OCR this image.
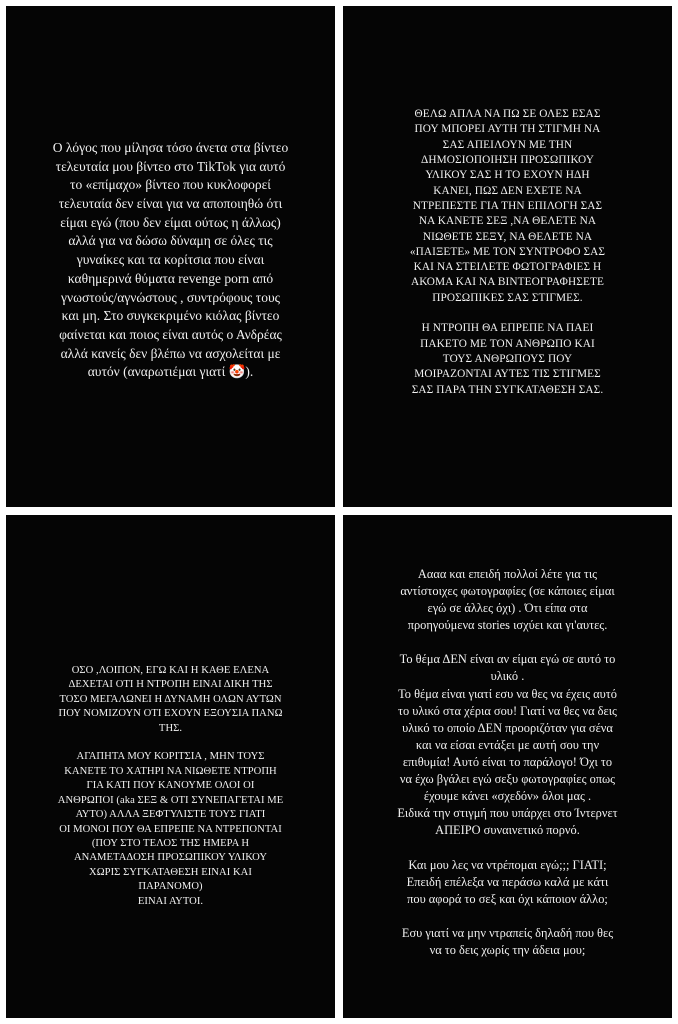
Ο λόγος που μίλησα τόσο άνετα στα βίντεο
τελευταία μου βίντεο στο TikTok για αυτό
το «επίμαχο» βίντεο που κυκλοφορεί
τελευταία δεν είναι για να αποποιηθώ ότι
είμαι εγώ (που δεν είμαι ούτως η άλλως)
αλλά για να δώσω δύναμη σε όλες τις
γυναίκες και τα κορίτσια που είναι
καθημερινά θύματα revenge porn από
γνωστούς/αγνώστους , συντρόφους τους
και μη. Στο συγκεκριμένο κιόλας βίντεο
φαίνεται και ποιος είναι αυτός ο Ανδρέας
αλλά κανείς δεν βλέπω να ασχολείται με
αυτόν (αναρωτιέμαι γιατί 🤡).

ΘΕΛΩ ΑΠΛΑ ΝΑ ΠΩ ΣΕ ΟΛΕΣ ΕΣΑΣ
ΠΟΥ ΜΠΟΡΕΙ ΑΥΤΗ ΤΗ ΣΤΙΓΜΗ ΝΑ
ΣΑΣ ΑΠΕΙΛΟΥΝ ΜΕ ΤΗΝ
ΔΗΜΟΣΙΟΠΟΙΗΣΗ ΠΡΟΣΩΠΙΚΟΥ
ΥΛΙΚΟΥ ΣΑΣ Η ΤΟ ΕΧΟΥΝ ΗΔΗ
ΚΑΝΕΙ, ΠΩΣ ΔΕΝ ΕΧΕΤΕ ΝΑ
ΝΤΡΕΠΕΣΤΕ ΓΙΑ ΤΗΝ ΕΠΙΛΟΓΗ ΣΑΣ
ΝΑ ΚΑΝΕΤΕ ΣΕΞ ,ΝΑ ΘΕΛΕΤΕ ΝΑ
ΝΙΩΘΕΤΕ ΣΕΞΥ, ΝΑ ΘΕΛΕΤΕ ΝΑ
«ΠΑΙΞΕΤΕ» ΜΕ ΤΟΝ ΣΥΝΤΡΟΦΟ ΣΑΣ
ΚΑΙ ΝΑ ΣΤΕΙΛΕΤΕ ΦΩΤΟΓΡΑΦΙΕΣ Η
ΑΚΟΜΑ ΚΑΙ ΝΑ ΒΙΝΤΕΟΓΡΑΦΗΣΕΤΕ
ΠΡΟΣΩΠΙΚΕΣ ΣΑΣ ΣΤΙΓΜΕΣ.

Η ΝΤΡΟΠΗ ΘΑ ΕΠΡΕΠΕ ΝΑ ΠΑΕΙ
ΠΑΚΕΤΟ ΜΕ ΤΟΝ ΑΝΘΡΩΠΟ ΚΑΙ
ΤΟΥΣ ΑΝΘΡΩΠΟΥΣ ΠΟΥ
ΜΟΙΡΑΖΟΝΤΑΙ ΑΥΤΕΣ ΤΙΣ ΣΤΙΓΜΕΣ
ΣΑΣ ΠΑΡΑ ΤΗΝ ΣΥΓΚΑΤΑΘΕΣΗ ΣΑΣ.

ΟΣΟ ,ΛΟΙΠΟΝ, ΕΓΩ ΚΑΙ Η ΚΑΘΕ ΕΛΕΝΑ
ΔΕΧΕΤΑΙ ΟΤΙ Η ΝΤΡΟΠΗ ΕΙΝΑΙ ΔΙΚΗ ΤΗΣ
ΤΟΣΟ ΜΕΓΑΛΩΝΕΙ Η ΔΥΝΑΜΗ ΟΛΩΝ ΑΥΤΩΝ
ΠΟΥ ΝΟΜΙΖΟΥΝ ΟΤΙ ΕΧΟΥΝ ΕΞΟΥΣΙΑ ΠΑΝΩ
ΤΗΣ.

ΑΓΑΠΗΤΑ ΜΟΥ ΚΟΡΙΤΣΙΑ , ΜΗΝ ΤΟΥΣ
ΚΑΝΕΤΕ ΤΟ ΧΑΤΗΡΙ ΝΑ ΝΙΩΘΕΤΕ ΝΤΡΟΠΗ
ΓΙΑ ΚΑΤΙ ΠΟΥ ΚΑΝΟΥΜΕ ΟΛΟΙ ΟΙ
ΑΝΘΡΩΠΟΙ (aka ΣΕΞ & ΟΤΙ ΣΥΝΕΠΑΓΕΤΑΙ ΜΕ
ΑΥΤΟ) ΑΛΛΑ ΞΕΦΤΥΛΙΣΤΕ ΤΟΥΣ ΓΙΑΤΙ
ΟΙ ΜΟΝΟΙ ΠΟΥ ΘΑ ΕΠΡΕΠΕ ΝΑ ΝΤΡΕΠΟΝΤΑΙ
(ΠΟΥ ΣΤΟ ΤΕΛΟΣ ΤΗΣ ΗΜΕΡΑ Η
ΑΝΑΜΕΤΑΔΟΣΗ ΠΡΟΣΩΠΙΚΟΥ ΥΛΙΚΟΥ
ΧΩΡΙΣ ΣΥΓΚΑΤΑΘΕΣΗ ΕΙΝΑΙ ΚΑΙ
ΠΑΡΑΝΟΜΟ)
ΕΙΝΑΙ ΑΥΤΟΙ.

Αααα και επειδή πολλοί λέτε για τις
αντίστοιχες φωτογραφίες (σε κάποιες είμαι
εγώ σε άλλες όχι) . Ότι είπα στα
προηγούμενα stories ισχύει και γι'αυτες.

Το θέμα ΔΕΝ είναι αν είμαι εγώ σε αυτό το
υλικό .
Το θέμα είναι γιατί εσυ να θες να έχεις αυτό
το υλικό στα χέρια σου! Γιατί να θες να δεις
υλικό το οποίο ΔΕΝ προοριζόταν για σένα
και να είσαι εντάξει με αυτή σου την
επιθυμία! Αυτό είναι το παράλογο! Όχι το
να έχω βγάλει εγώ σεξυ φωτογραφίες οπως
έχουμε κάνει «σχεδόν» όλοι μας .
Ειδικά την στιγμή που υπάρχει στο Ίντερνετ
ΑΠΕΙΡΟ συναινετικό πορνό.

Και μου λες να ντρέπομαι εγώ;;; ΓΙΑΤΙ;
Επειδή επέλεξα να περάσω καλά με κάτι
που αφορά το σεξ και όχι κάποιον άλλο;

Εσυ γιατί να μην ντραπείς δηλαδή που θες
να το δεις χωρίς την άδεια μου;
